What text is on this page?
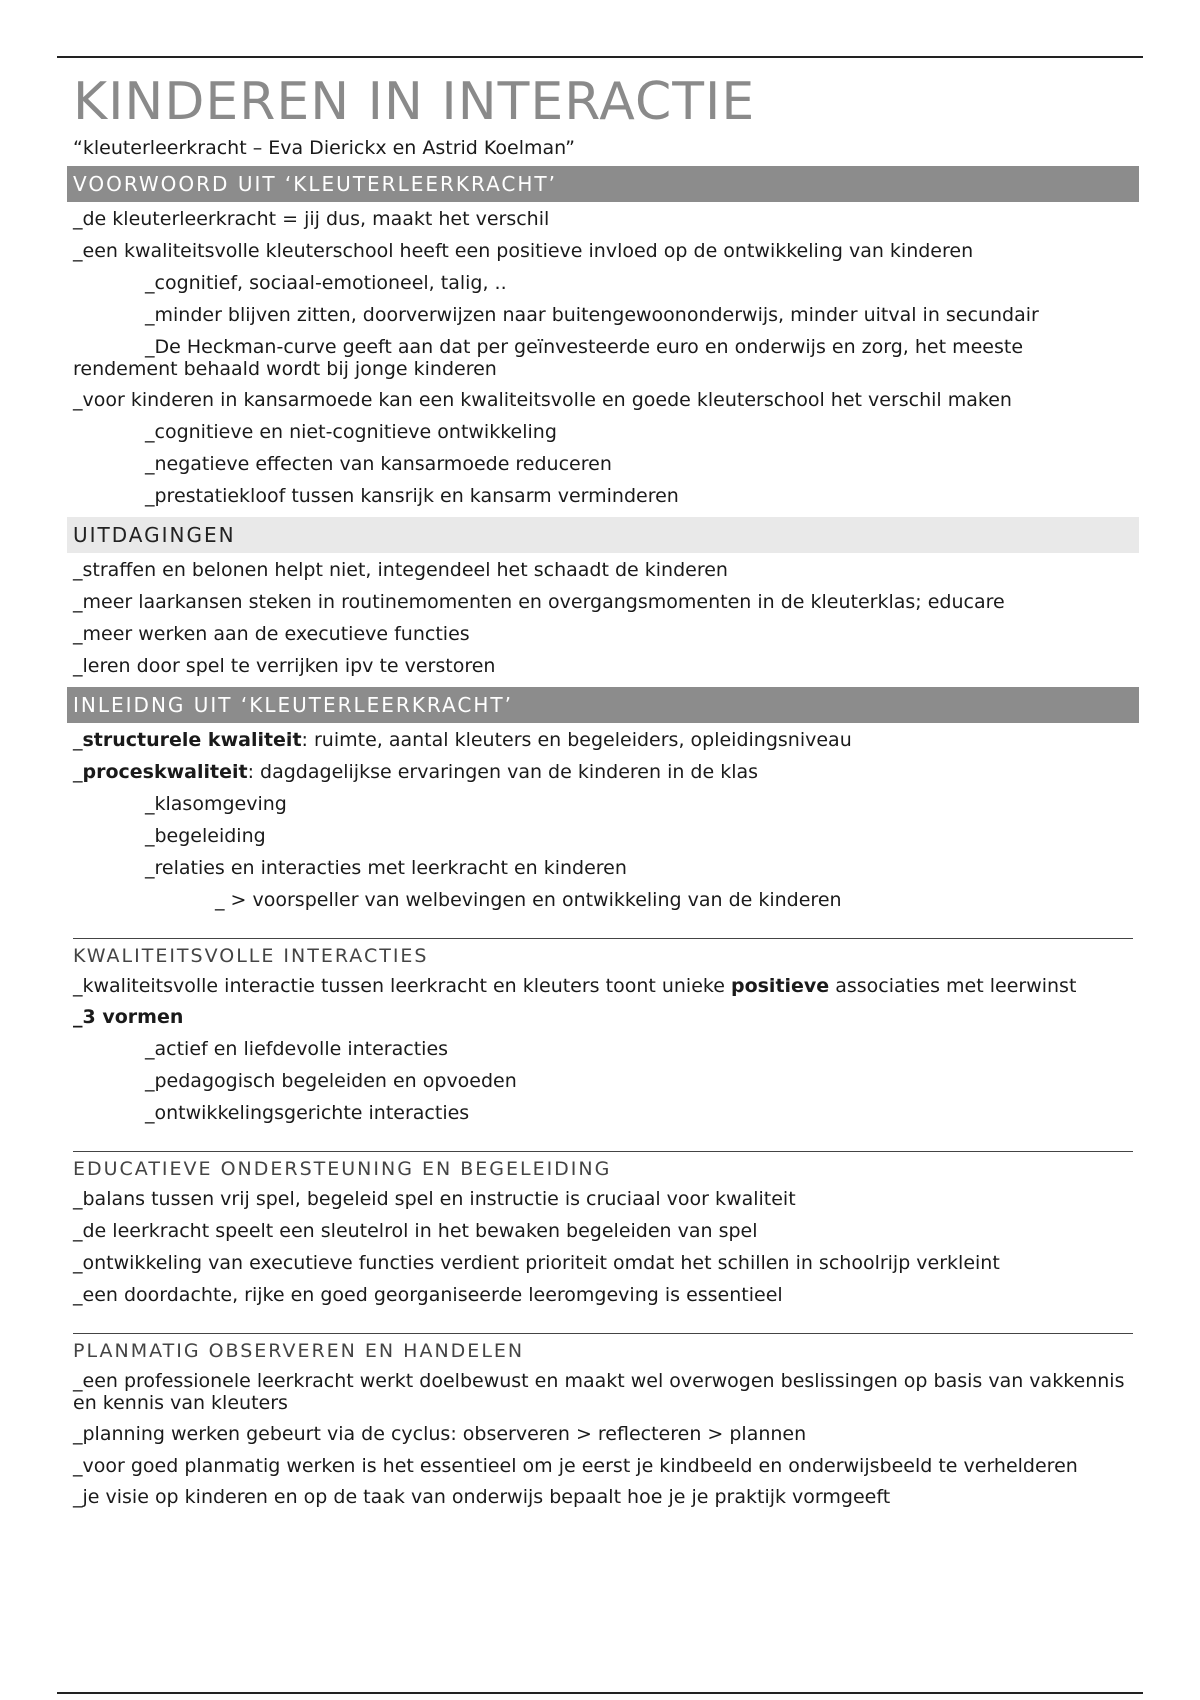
KINDEREN IN INTERACTIE
“kleuterleerkracht – Eva Dierickx en Astrid Koelman”
VOORWOORD UIT ‘KLEUTERLEERKRACHT’
_de kleuterleerkracht = jij dus, maakt het verschil
_een kwaliteitsvolle kleuterschool heeft een positieve invloed op de ontwikkeling van kinderen
_cognitief, sociaal-emotioneel, talig, ..
_minder blijven zitten, doorverwijzen naar buitengewoononderwijs, minder uitval in secundair
_De Heckman-curve geeft aan dat per geïnvesteerde euro en onderwijs en zorg, het meeste rendement behaald wordt bij jonge kinderen
_voor kinderen in kansarmoede kan een kwaliteitsvolle en goede kleuterschool het verschil maken
_cognitieve en niet-cognitieve ontwikkeling
_negatieve effecten van kansarmoede reduceren
_prestatiekloof tussen kansrijk en kansarm verminderen
UITDAGINGEN
_straffen en belonen helpt niet, integendeel het schaadt de kinderen
_meer laarkansen steken in routinemomenten en overgangsmomenten in de kleuterklas; educare
_meer werken aan de executieve functies
_leren door spel te verrijken ipv te verstoren
INLEIDNG UIT ‘KLEUTERLEERKRACHT’
_structurele kwaliteit: ruimte, aantal kleuters en begeleiders, opleidingsniveau
_proceskwaliteit: dagdagelijkse ervaringen van de kinderen in de klas
_klasomgeving
_begeleiding
_relaties en interacties met leerkracht en kinderen
_ > voorspeller van welbevingen en ontwikkeling van de kinderen
KWALITEITSVOLLE INTERACTIES
_kwaliteitsvolle interactie tussen leerkracht en kleuters toont unieke positieve associaties met leerwinst
_3 vormen
_actief en liefdevolle interacties
_pedagogisch begeleiden en opvoeden
_ontwikkelingsgerichte interacties
EDUCATIEVE ONDERSTEUNING EN BEGELEIDING
_balans tussen vrij spel, begeleid spel en instructie is cruciaal voor kwaliteit
_de leerkracht speelt een sleutelrol in het bewaken begeleiden van spel
_ontwikkeling van executieve functies verdient prioriteit omdat het schillen in schoolrijp verkleint
_een doordachte, rijke en goed georganiseerde leeromgeving is essentieel
PLANMATIG OBSERVEREN EN HANDELEN
_een professionele leerkracht werkt doelbewust en maakt wel overwogen beslissingen op basis van vakkennis en kennis van kleuters
_planning werken gebeurt via de cyclus: observeren > reflecteren > plannen
_voor goed planmatig werken is het essentieel om je eerst je kindbeeld en onderwijsbeeld te verhelderen
_je visie op kinderen en op de taak van onderwijs bepaalt hoe je je praktijk vormgeeft
